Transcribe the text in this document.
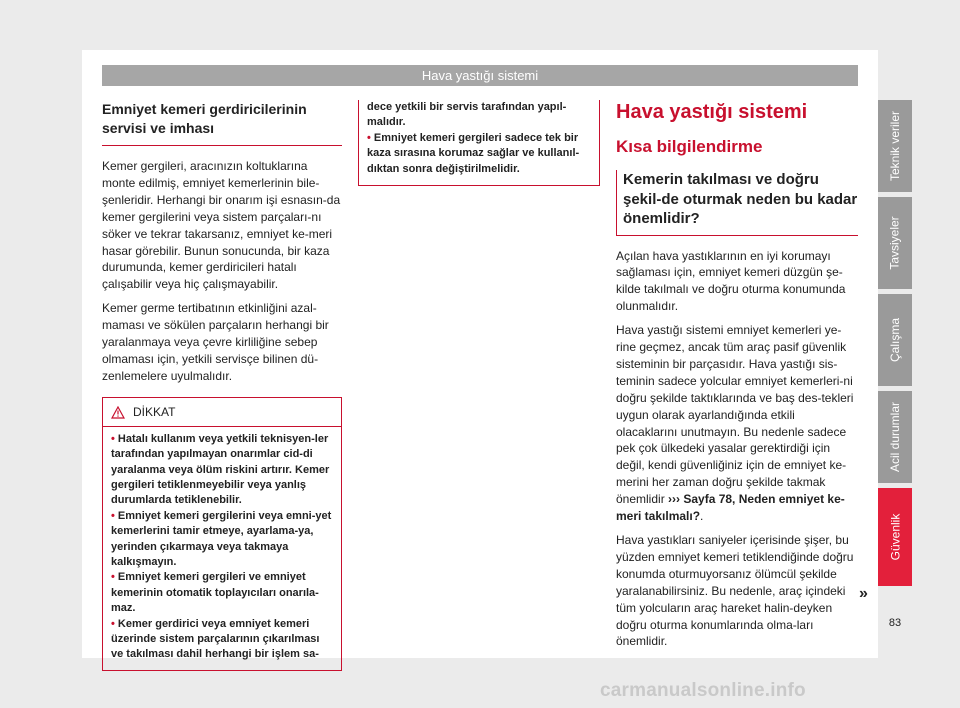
Hava yastığı sistemi
Emniyet kemeri gerdiricilerinin servisi ve imhası

Kemer gergileri, aracınızın koltuklarına monte edilmiş, emniyet kemerlerinin bile-şenleridir. Herhangi bir onarım işi esnasın-da kemer gergilerini veya sistem parçaları-nı söker ve tekrar takarsanız, emniyet ke-meri hasar görebilir. Bunun sonucunda, bir kaza durumunda, kemer gerdiricileri hatalı çalışabilir veya hiç çalışmayabilir.

Kemer germe tertibatının etkinliğini azal-maması ve sökülen parçaların herhangi bir yaralanmaya veya çevre kirliliğine sebep olmaması için, yetkili servisçe bilinen dü-zenlemelere uyulmalıdır.

DİKKAT

• Hatalı kullanım veya yetkili teknisyen-ler tarafından yapılmayan onarımlar cid-di yaralanma veya ölüm riskini artırır. Kemer gergileri tetiklenmeyebilir veya yanlış durumlarda tetiklenebilir.

• Emniyet kemeri gergilerini veya emni-yet kemerlerini tamir etmeye, ayarlama-ya, yerinden çıkarmaya veya takmaya kalkışmayın.

• Emniyet kemeri gergileri ve emniyet kemerinin otomatik toplayıcıları onarıla-maz.

• Kemer gerdirici veya emniyet kemeri üzerinde sistem parçalarının çıkarılması ve takılması dahil herhangi bir işlem sa-

dece yetkili bir servis tarafından yapıl-malıdır.

• Emniyet kemeri gergileri sadece tek bir kaza sırasına korumaz sağlar ve kullanıl-dıktan sonra değiştirilmelidir.

Hava yastığı sistemi
Kısa bilgilendirme
Kemerin takılması ve doğru şekil-de oturmak neden bu kadar önemlidir?

Açılan hava yastıklarının en iyi korumayı sağlaması için, emniyet kemeri düzgün şe-kilde takılmalı ve doğru oturma konumunda olunmalıdır.

Hava yastığı sistemi emniyet kemerleri ye-rine geçmez, ancak tüm araç pasif güvenlik sisteminin bir parçasıdır. Hava yastığı sis-teminin sadece yolcular emniyet kemerleri-ni doğru şekilde taktıklarında ve baş des-tekleri uygun olarak ayarlandığında etkili olacaklarını unutmayın. Bu nedenle sadece pek çok ülkedeki yasalar gerektirdiği için değil, kendi güvenliğiniz için de emniyet ke-merini her zaman doğru şekilde takmak önemlidir ››› Sayfa 78, Neden emniyet ke-meri takılmalı?.

Hava yastıkları saniyeler içerisinde şişer, bu yüzden emniyet kemeri tetiklendiğinde doğru konumda oturmuyorsanız ölümcül şekilde yaralanabilirsiniz. Bu nedenle, araç içindeki tüm yolcuların araç hareket halin-deyken doğru oturma konumlarında olma-ları önemlidir.

»
Teknik veriler
Tavsiyeler
Çalışma
Acil durumlar
Güvenlik
83
carmanualsonline.info
